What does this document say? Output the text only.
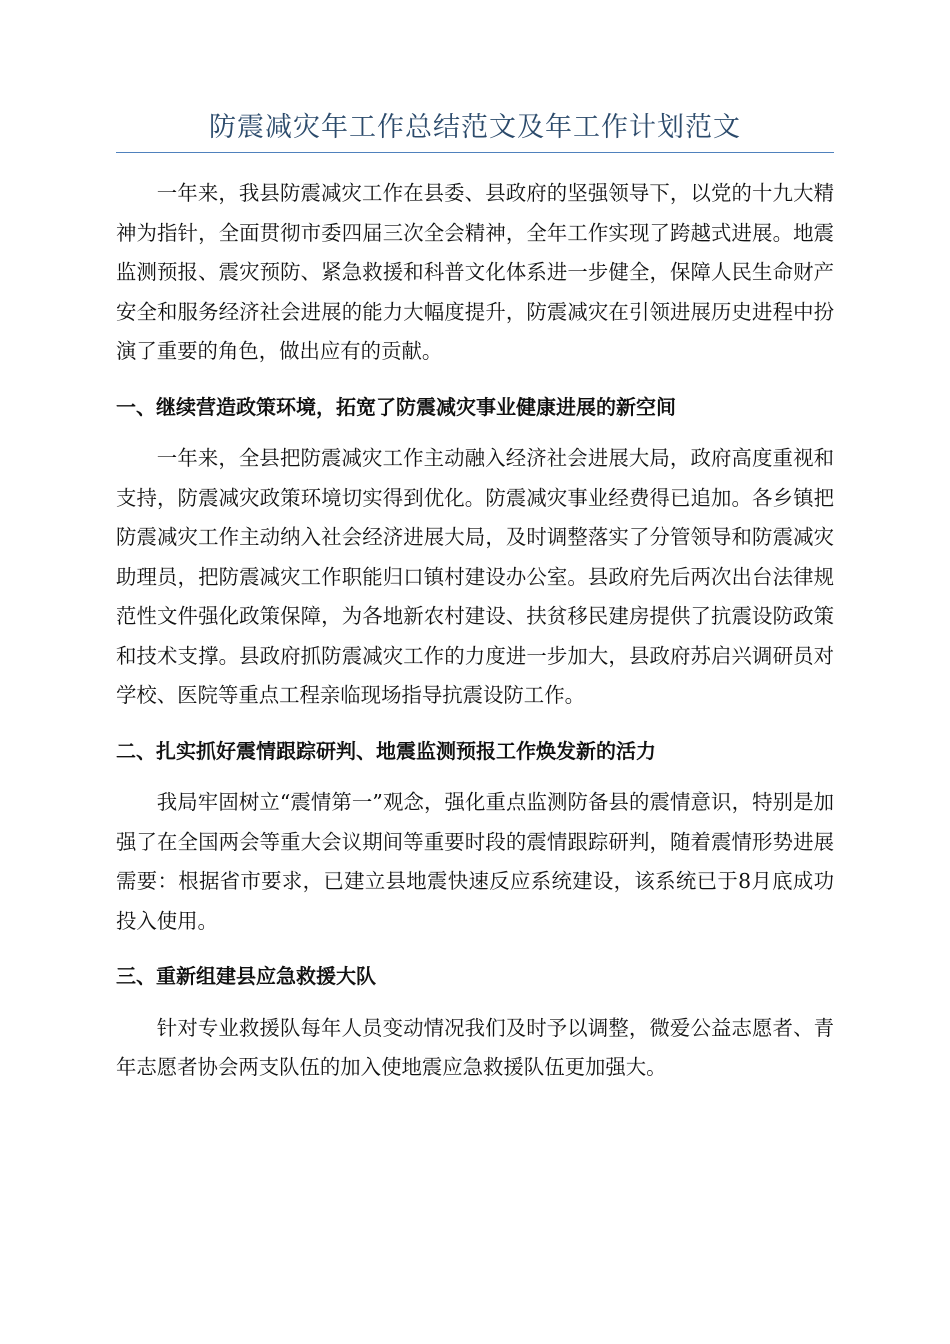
防震减灾年工作总结范文及年工作计划范文

一年来，我县防震减灾工作在县委、县政府的坚强领导下，以党的十九大精神为指针，全面贯彻市委四届三次全会精神，全年工作实现了跨越式进展。地震监测预报、震灾预防、紧急救援和科普文化体系进一步健全，保障人民生命财产安全和服务经济社会进展的能力大幅度提升，防震减灾在引领进展历史进程中扮演了重要的角色，做出应有的贡献。

一、继续营造政策环境，拓宽了防震减灾事业健康进展的新空间

一年来，全县把防震减灾工作主动融入经济社会进展大局，政府高度重视和支持，防震减灾政策环境切实得到优化。防震减灾事业经费得已追加。各乡镇把防震减灾工作主动纳入社会经济进展大局，及时调整落实了分管领导和防震减灾助理员，把防震减灾工作职能归口镇村建设办公室。县政府先后两次出台法律规范性文件强化政策保障，为各地新农村建设、扶贫移民建房提供了抗震设防政策和技术支撑。县政府抓防震减灾工作的力度进一步加大，县政府苏启兴调研员对学校、医院等重点工程亲临现场指导抗震设防工作。

二、扎实抓好震情跟踪研判、地震监测预报工作焕发新的活力

我局牢固树立“震情第一”观念，强化重点监测防备县的震情意识，特别是加强了在全国两会等重大会议期间等重要时段的震情跟踪研判，随着震情形势进展需要：根据省市要求，已建立县地震快速反应系统建设，该系统已于8月底成功投入使用。

三、重新组建县应急救援大队

针对专业救援队每年人员变动情况我们及时予以调整，微爱公益志愿者、青年志愿者协会两支队伍的加入使地震应急救援队伍更加强大。
